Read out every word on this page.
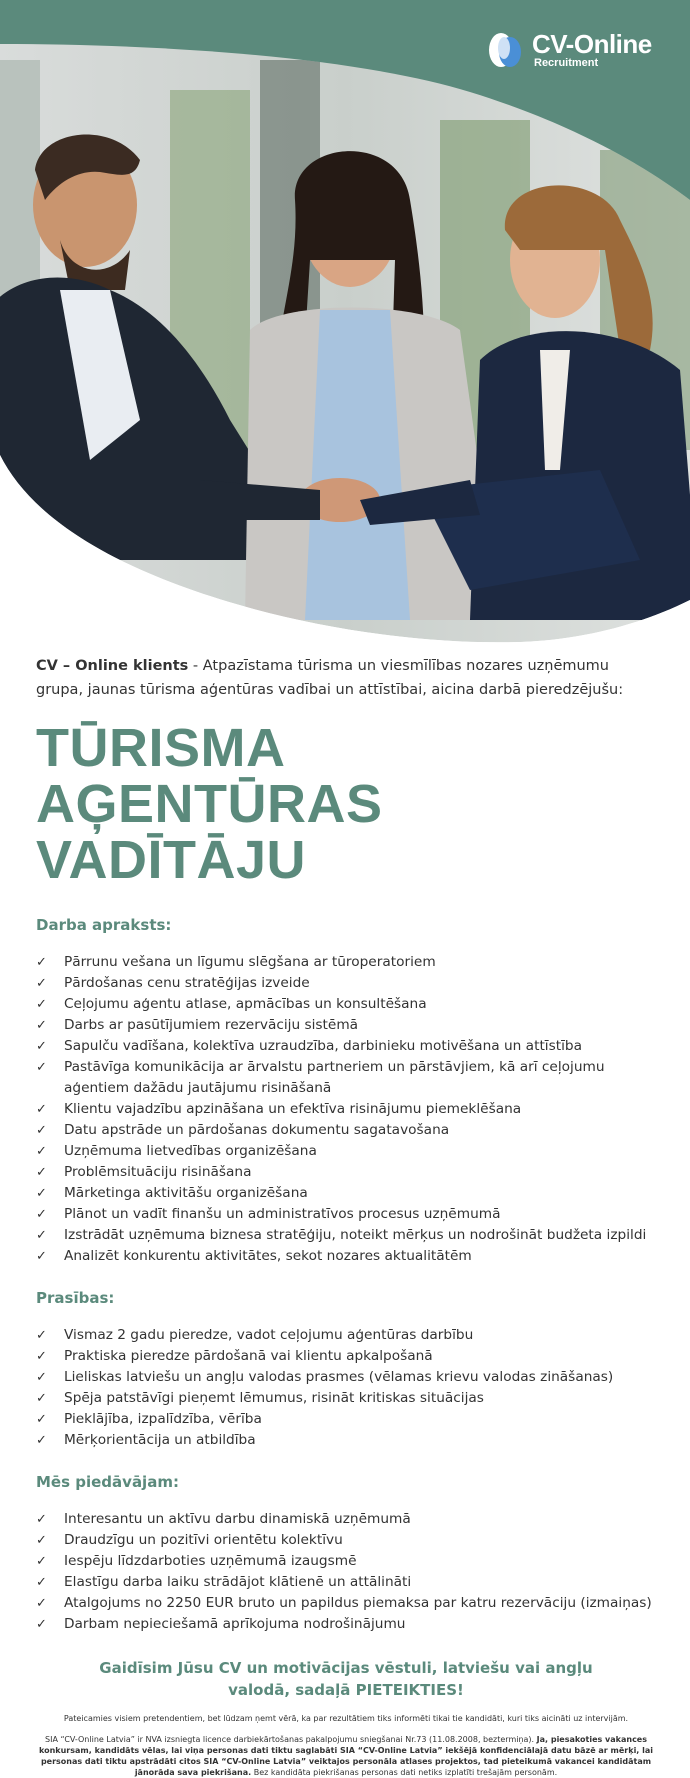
CV-Online
Recruitment

CV – Online klients - Atpazīstama tūrisma un viesmīlības nozares uzņēmumu grupa, jaunas tūrisma aģentūras vadībai un attīstībai, aicina darbā pieredzējušu:

TŪRISMA
AĢENTŪRAS VADĪTĀJU
Darba apraksts:
✓ Pārrunu vešana un līgumu slēgšana ar tūroperatoriem
✓ Pārdošanas cenu stratēģijas izveide
✓ Ceļojumu aģentu atlase, apmācības un konsultēšana
✓ Darbs ar pasūtījumiem rezervāciju sistēmā
✓ Sapulču vadīšana, kolektīva uzraudzība, darbinieku motivēšana un attīstība
✓ Pastāvīga komunikācija ar ārvalstu partneriem un pārstāvjiem, kā arī ceļojumu aģentiem dažādu jautājumu risināšanā
✓ Klientu vajadzību apzināšana un efektīva risinājumu piemeklēšana
✓ Datu apstrāde un pārdošanas dokumentu sagatavošana
✓ Uzņēmuma lietvedības organizēšana
✓ Problēmsituāciju risināšana
✓ Mārketinga aktivitāšu organizēšana
✓ Plānot un vadīt finanšu un administratīvos procesus uzņēmumā
✓ Izstrādāt uzņēmuma biznesa stratēģiju, noteikt mērķus un nodrošināt budžeta izpildi
✓ Analizēt konkurentu aktivitātes, sekot nozares aktualitātēm
Prasības:
✓ Vismaz 2 gadu pieredze, vadot ceļojumu aģentūras darbību
✓ Praktiska pieredze pārdošanā vai klientu apkalpošanā
✓ Lieliskas latviešu un angļu valodas prasmes (vēlamas krievu valodas zināšanas)
✓ Spēja patstāvīgi pieņemt lēmumus, risināt kritiskas situācijas
✓ Pieklājība, izpalīdzība, vērība
✓ Mērķorientācija un atbildība
Mēs piedāvājam:
✓ Interesantu un aktīvu darbu dinamiskā uzņēmumā
✓ Draudzīgu un pozitīvi orientētu kolektīvu
✓ Iespēju līdzdarboties uzņēmumā izaugsmē
✓ Elastīgu darba laiku strādājot klātienē un attālināti
✓ Atalgojums no 2250 EUR bruto un papildus piemaksa par katru rezervāciju (izmaiņas)
✓ Darbam nepieciešamā aprīkojuma nodrošinājumu
Gaidīsim Jūsu CV un motivācijas vēstuli, latviešu vai angļu
valodā, sadaļā PIETEIKTIES!
Pateicamies visiem pretendentiem, bet lūdzam ņemt vērā, ka par rezultātiem tiks informēti tikai tie kandidāti, kuri tiks aicināti uz intervijām.
SIA “CV-Online Latvia” ir NVA izsniegta licence darbiekārtošanas pakalpojumu sniegšanai Nr.73 (11.08.2008, beztermiņa). Ja, piesakoties vakances konkursam, kandidāts vēlas, lai viņa personas dati tiktu saglabāti SIA “CV-Online Latvia” iekšējā konfidenciālajā datu bāzē ar mērķi, lai personas dati tiktu apstrādāti citos SIA “CV-Online Latvia” veiktajos personāla atlases projektos, tad pieteikumā vakancei kandidātam jānorāda sava piekrišana. Bez kandidāta piekrišanas personas dati netiks izplatīti trešajām personām.
